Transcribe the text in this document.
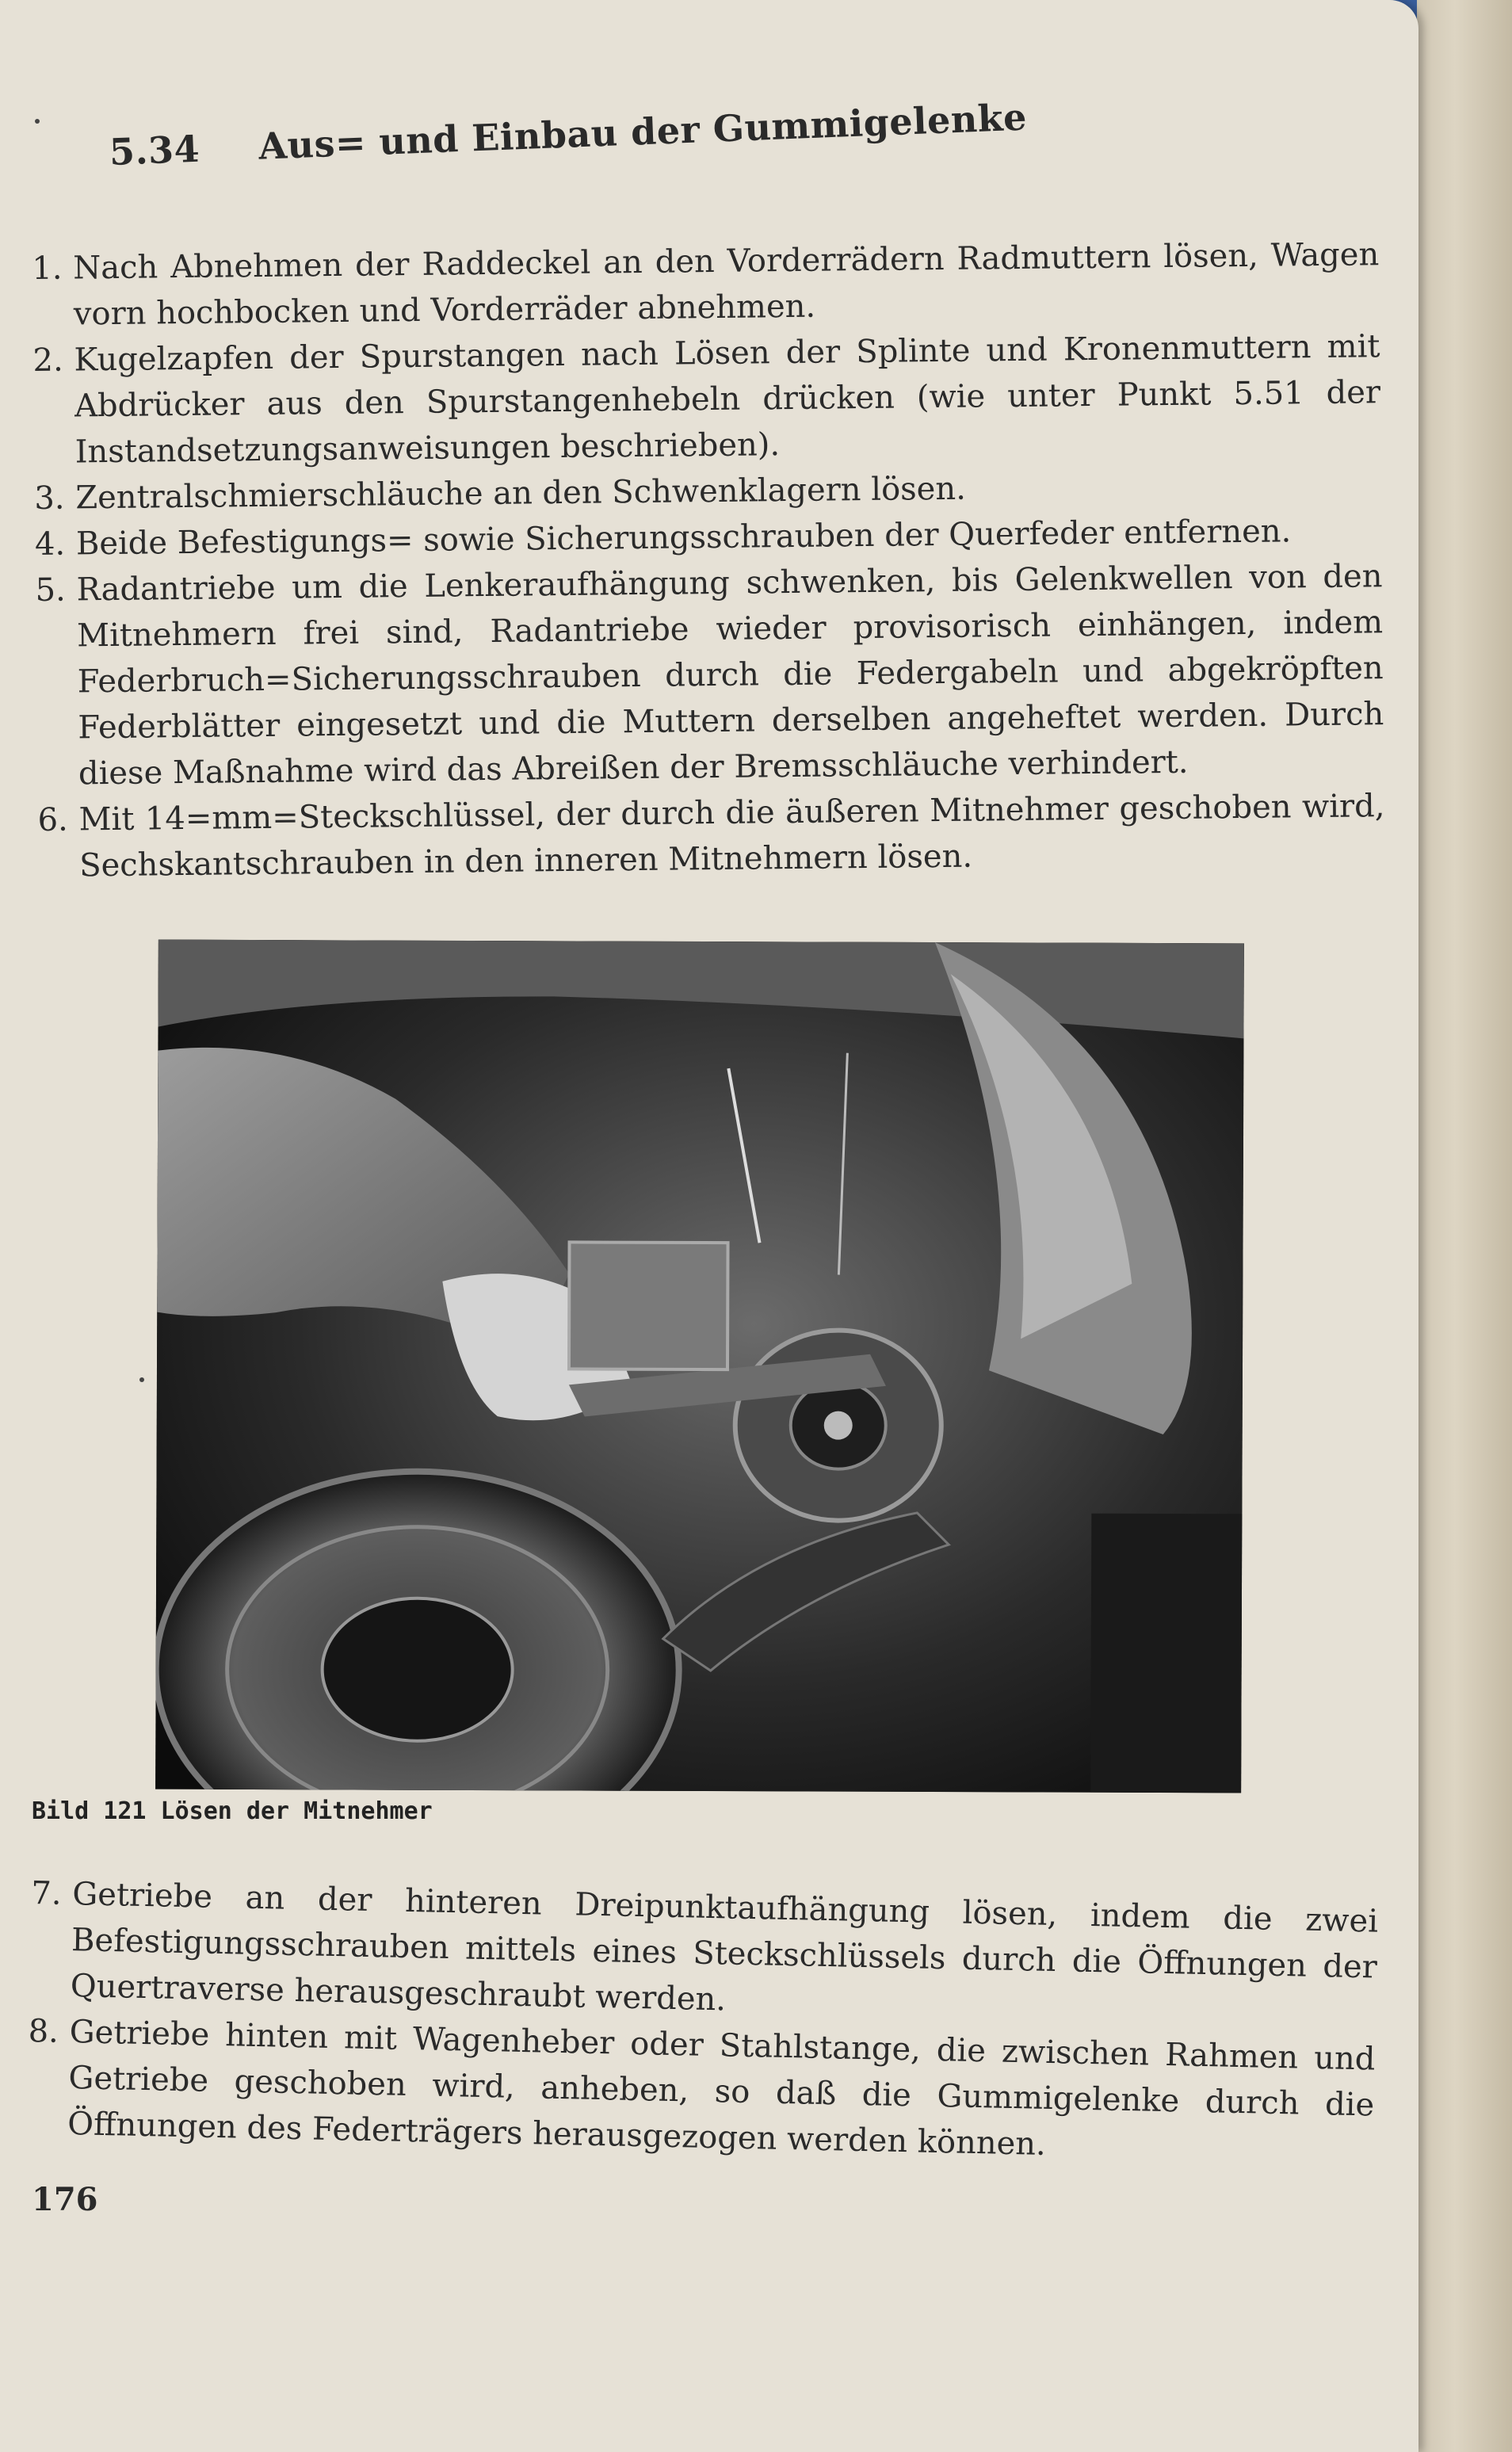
5.34 Aus= und Einbau der Gummigelenke
1. Nach Abnehmen der Raddeckel an den Vorderrädern Radmuttern lösen, Wagen vorn hochbocken und Vorderräder abnehmen.
2. Kugelzapfen der Spurstangen nach Lösen der Splinte und Kronenmuttern mit Abdrücker aus den Spurstangenhebeln drücken (wie unter Punkt 5.51 der Instandsetzungsanweisungen beschrieben).
3. Zentralschmierschläuche an den Schwenklagern lösen.
4. Beide Befestigungs= sowie Sicherungsschrauben der Querfeder entfernen.
5. Radantriebe um die Lenkeraufhängung schwenken, bis Gelenkwellen von den Mitnehmern frei sind, Radantriebe wieder provisorisch einhängen, indem Federbruch=Sicherungsschrauben durch die Federgabeln und abgekröpften Federblätter eingesetzt und die Muttern derselben angeheftet werden. Durch diese Maßnahme wird das Abreißen der Bremsschläuche verhindert.
6. Mit 14=mm=Steckschlüssel, der durch die äußeren Mitnehmer geschoben wird, Sechskantschrauben in den inneren Mitnehmern lösen.
Bild 121 Lösen der Mitnehmer
7. Getriebe an der hinteren Dreipunktaufhängung lösen, indem die zwei Befestigungsschrauben mittels eines Steckschlüssels durch die Öffnungen der Quertraverse herausgeschraubt werden.
8. Getriebe hinten mit Wagenheber oder Stahlstange, die zwischen Rahmen und Getriebe geschoben wird, anheben, so daß die Gummigelenke durch die Öffnungen des Federträgers herausgezogen werden können.
176
